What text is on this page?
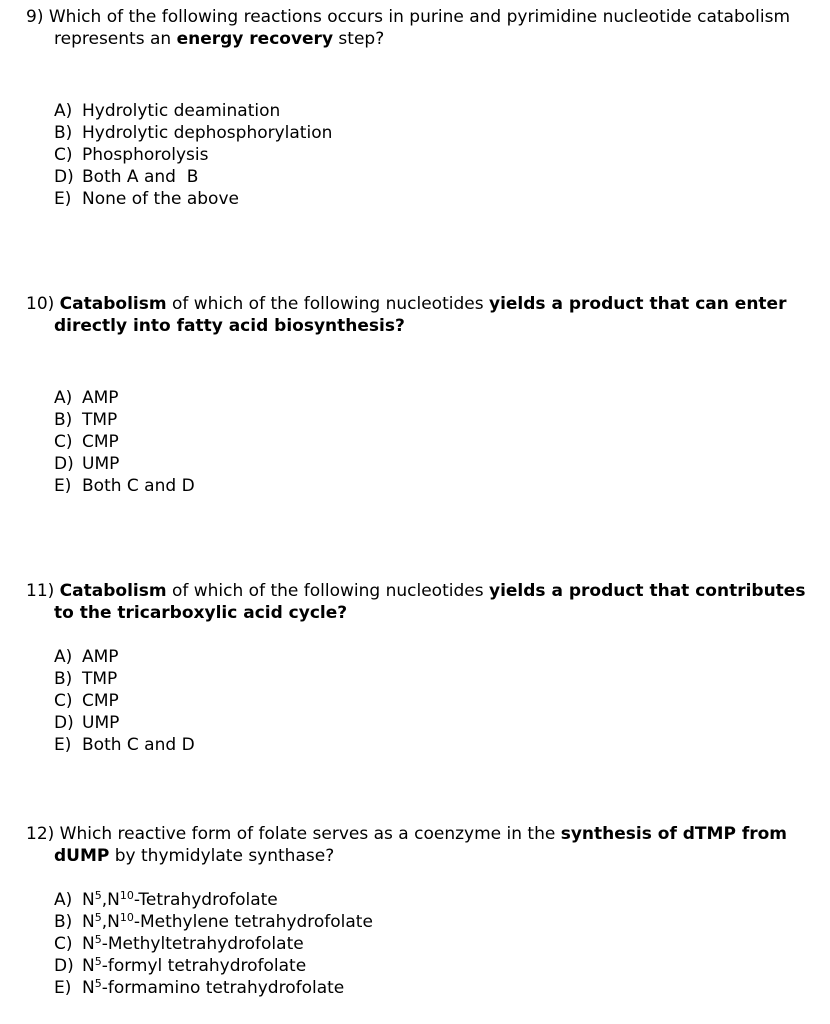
9) Which of the following reactions occurs in purine and pyrimidine nucleotide catabolism represents an energy recovery step?

A) Hydrolytic deamination
B) Hydrolytic dephosphorylation
C) Phosphorolysis
D) Both A and  B
E) None of the above

10) Catabolism of which of the following nucleotides yields a product that can enter directly into fatty acid biosynthesis?

A) AMP
B) TMP
C) CMP
D) UMP
E) Both C and D

11) Catabolism of which of the following nucleotides yields a product that contributes to the tricarboxylic acid cycle?

A) AMP
B) TMP
C) CMP
D) UMP
E) Both C and D

12) Which reactive form of folate serves as a coenzyme in the synthesis of dTMP from dUMP by thymidylate synthase?

A) $N^5,N^{10}$-Tetrahydrofolate
B) $N^5,N^{10}$-Methylene tetrahydrofolate
C) $N^5$-Methyltetrahydrofolate
D) $N^5$-formyl tetrahydrofolate
E) $N^5$-formamino tetrahydrofolate
